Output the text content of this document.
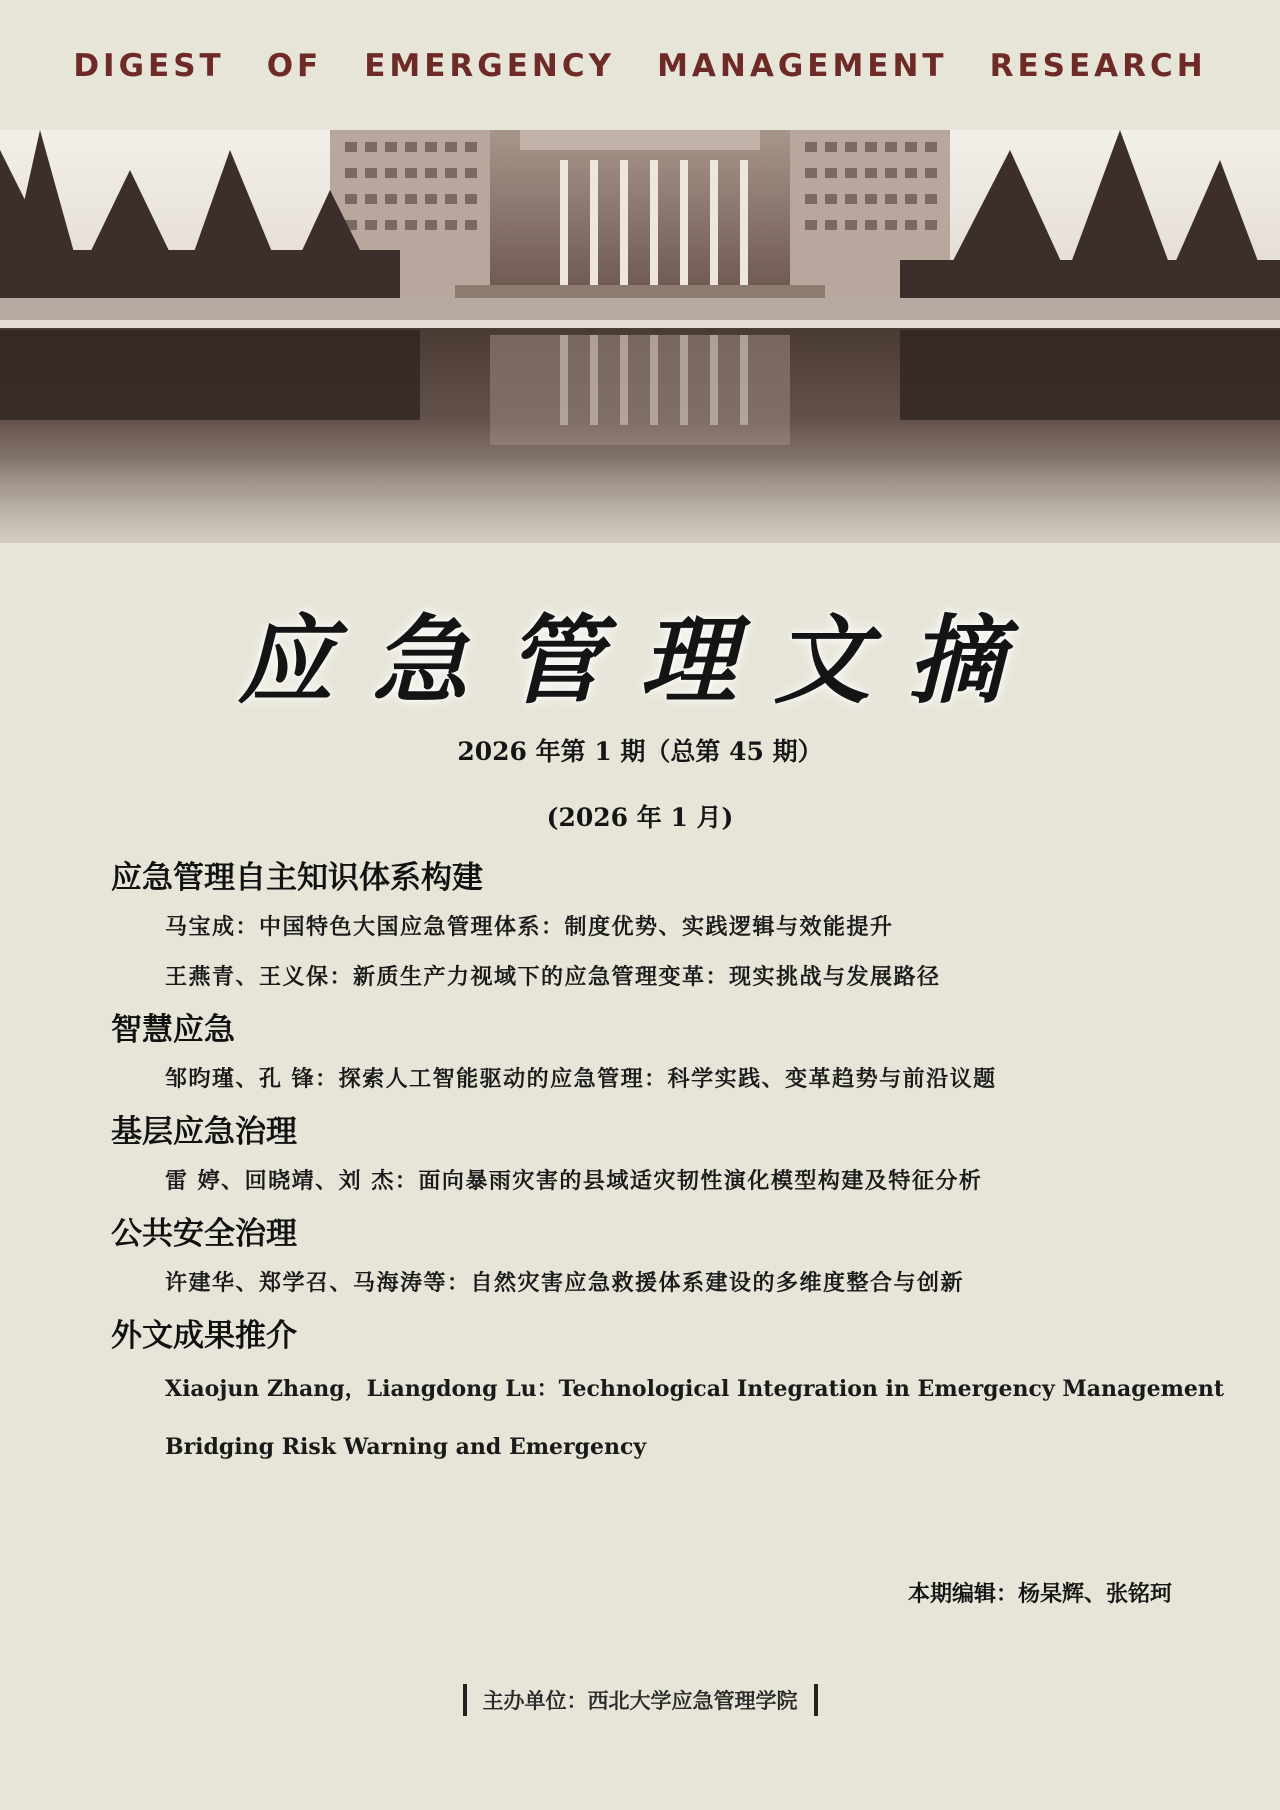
DIGEST OF EMERGENCY MANAGEMENT RESEARCH
应急管理文摘
2026 年第 1 期（总第 45 期）
(2026 年 1 月)
应急管理自主知识体系构建
马宝成：中国特色大国应急管理体系：制度优势、实践逻辑与效能提升
王燕青、王义保：新质生产力视域下的应急管理变革：现实挑战与发展路径
智慧应急
邹昀瑾、孔 锋：探索人工智能驱动的应急管理：科学实践、变革趋势与前沿议题
基层应急治理
雷 婷、回晓靖、刘 杰：面向暴雨灾害的县域适灾韧性演化模型构建及特征分析
公共安全治理
许建华、郑学召、马海涛等：自然灾害应急救援体系建设的多维度整合与创新
外文成果推介
Xiaojun Zhang，Liangdong Lu：Technological Integration in Emergency Management
Bridging Risk Warning and Emergency
本期编辑：杨杲辉、张铭珂
主办单位：西北大学应急管理学院
